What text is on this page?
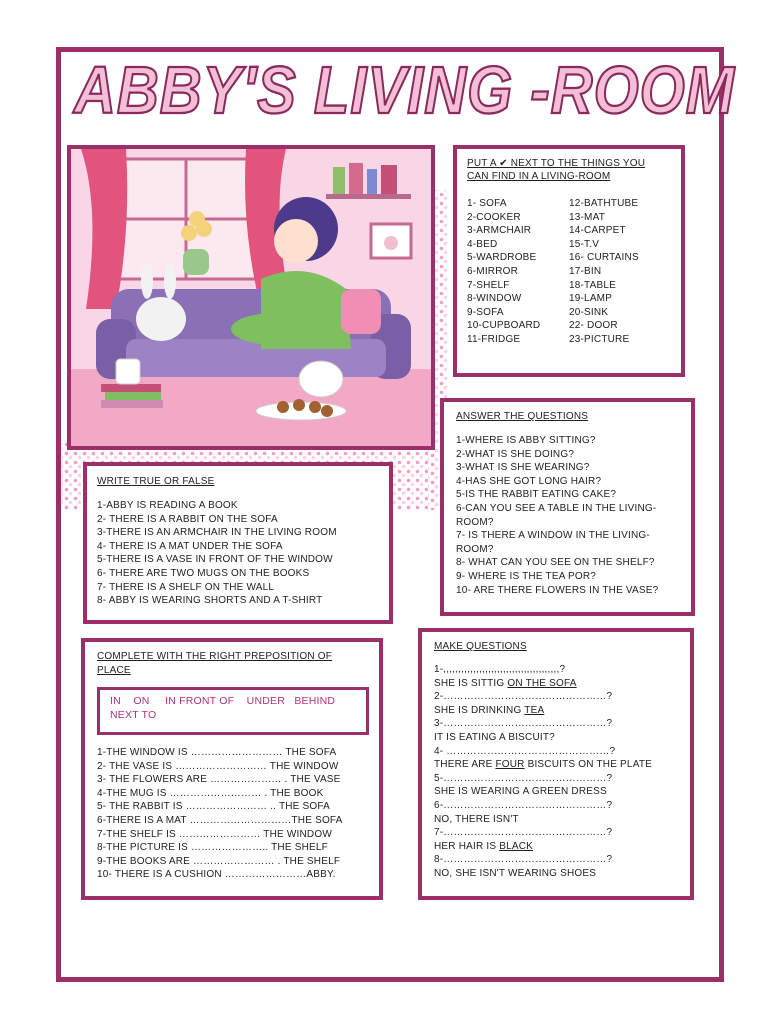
ABBY'S LIVING -ROOM
PUT A ✔ NEXT TO THE THINGS YOU
CAN FIND IN A LIVING-ROOM
1- SOFA
2-COOKER
3-ARMCHAIR
4-BED
5-WARDROBE
6-MIRROR
7-SHELF
8-WINDOW
9-SOFA
10-CUPBOARD
11-FRIDGE
12-BATHTUBE
13-MAT
14-CARPET
15-T.V
16- CURTAINS
17-BIN
18-TABLE
19-LAMP
20-SINK
22- DOOR
23-PICTURE
ANSWER THE QUESTIONS
1-WHERE IS ABBY SITTING?
2-WHAT IS SHE DOING?
3-WHAT IS SHE WEARING?
4-HAS SHE GOT LONG HAIR?
5-IS THE RABBIT EATING CAKE?
6-CAN YOU SEE A TABLE IN THE LIVING-
ROOM?
7- IS THERE A WINDOW IN THE LIVING-
ROOM?
8- WHAT CAN YOU SEE ON THE SHELF?
9- WHERE IS THE TEA POR?
10- ARE THERE FLOWERS IN THE VASE?
WRITE TRUE OR FALSE
1-ABBY IS READING A BOOK
2- THERE IS A RABBIT ON THE SOFA
3-THERE IS AN ARMCHAIR IN THE LIVING ROOM
4- THERE IS A MAT UNDER THE SOFA
5-THERE IS A VASE IN FRONT OF THE WINDOW
6- THERE ARE TWO MUGS ON THE BOOKS
7- THERE IS A SHELF ON THE WALL
8- ABBY IS WEARING SHORTS AND A T-SHIRT
COMPLETE WITH THE RIGHT PREPOSITION OF
PLACE
IN    ON     IN FRONT OF    UNDER   BEHIND
NEXT TO
1-THE WINDOW IS ……………………… THE SOFA
2- THE VASE IS ……………………… THE WINDOW
3- THE FLOWERS ARE ………………… . THE VASE
4-THE MUG IS ……………………… . THE BOOK
5- THE RABBIT IS …………………… .. THE SOFA
6-THERE IS A MAT …………………………THE SOFA
7-THE SHELF IS …………………… THE WINDOW
8-THE PICTURE IS ………………….. THE SHELF
9-THE BOOKS ARE …………………… . THE SHELF
10- THERE IS A CUSHION ……………………ABBY.
MAKE QUESTIONS
1-,,,,,,,,,,,,,,,,,,,,,,,,,,,,,,,,,,,,,,,?
SHE IS SITTIG ON THE SOFA
2-…………………………………………?
SHE IS DRINKING TEA
3-…………………………………………?
IT IS EATING A BISCUIT?
4- …………………………………………?
THERE ARE FOUR BISCUITS ON THE PLATE
5-…………………………………………?
SHE IS WEARING A GREEN DRESS
6-…………………………………………?
NO, THERE ISN'T
7-…………………………………………?
HER HAIR IS BLACK
8-…………………………………………?
NO, SHE ISN'T WEARING SHOES
